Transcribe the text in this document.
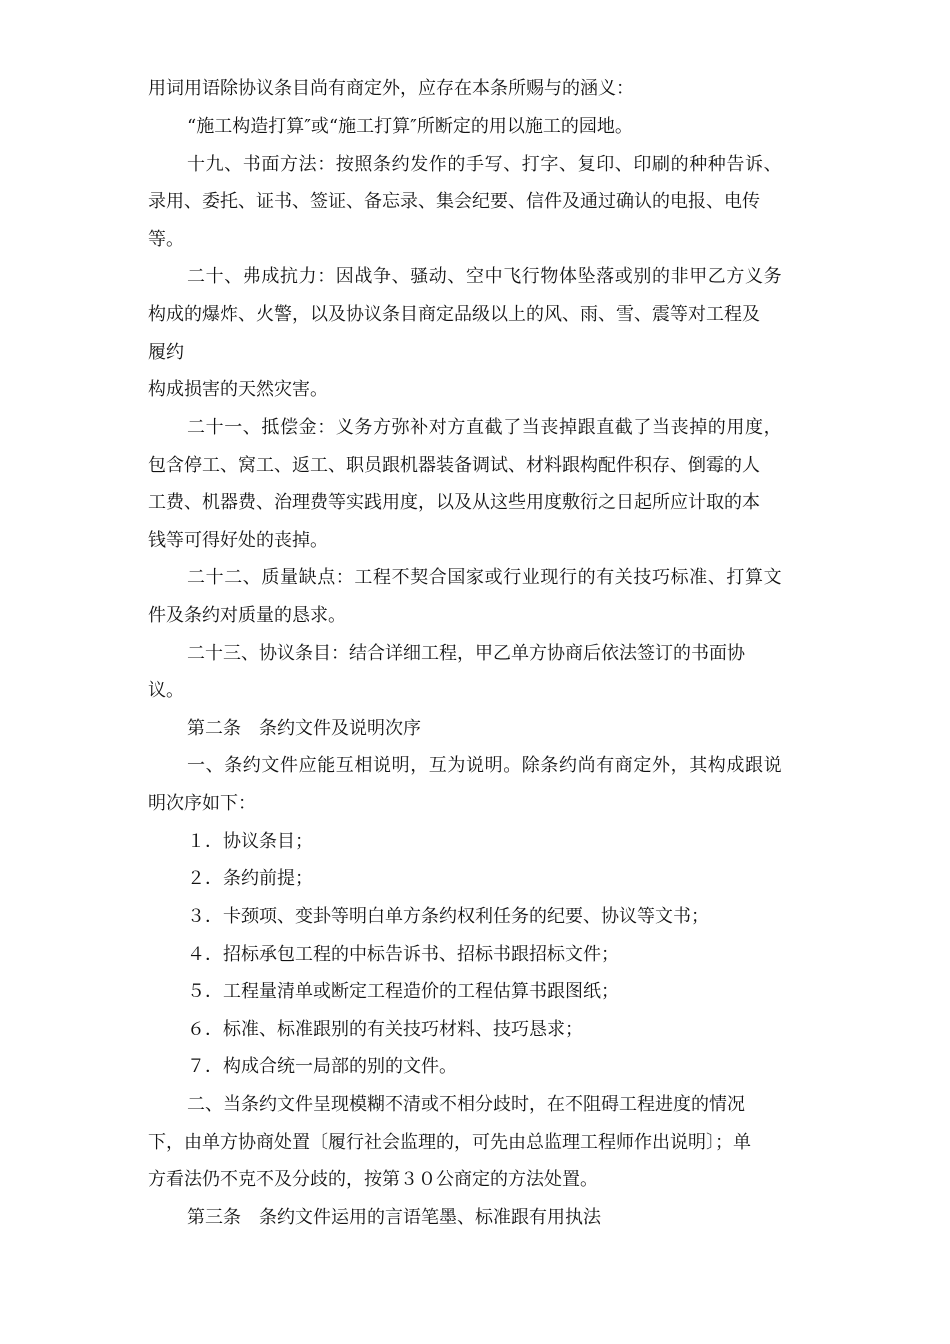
用词用语除协议条目尚有商定外，应存在本条所赐与的涵义：
“施工构造打算″或“施工打算″所断定的用以施工的园地。
十九、书面方法：按照条约发作的手写、打字、复印、印刷的种种告诉、
录用、委托、证书、签证、备忘录、集会纪要、信件及通过确认的电报、电传
等。
二十、弗成抗力：因战争、骚动、空中飞行物体坠落或别的非甲乙方义务
构成的爆炸、火警，以及协议条目商定品级以上的风、雨、雪、震等对工程及
履约
构成损害的天然灾害。
二十一、抵偿金：义务方弥补对方直截了当丧掉跟直截了当丧掉的用度，
包含停工、窝工、返工、职员跟机器装备调试、材料跟构配件积存、倒霉的人
工费、机器费、治理费等实践用度，以及从这些用度敷衍之日起所应计取的本
钱等可得好处的丧掉。
二十二、质量缺点：工程不契合国家或行业现行的有关技巧标准、打算文
件及条约对质量的恳求。
二十三、协议条目：结合详细工程，甲乙单方协商后依法签订的书面协
议。
第二条　条约文件及说明次序
一、条约文件应能互相说明，互为说明。除条约尚有商定外，其构成跟说
明次序如下：
１．协议条目；
２．条约前提；
３．卡颈项、变卦等明白单方条约权利任务的纪要、协议等文书；
４．招标承包工程的中标告诉书、招标书跟招标文件；
５．工程量清单或断定工程造价的工程估算书跟图纸；
６．标准、标准跟别的有关技巧材料、技巧恳求；
７．构成合统一局部的别的文件。
二、当条约文件呈现模糊不清或不相分歧时，在不阻碍工程进度的情况
下，由单方协商处置〔履行社会监理的，可先由总监理工程师作出说明〕；单
方看法仍不克不及分歧的，按第３０公商定的方法处置。
第三条　条约文件运用的言语笔墨、标准跟有用执法
